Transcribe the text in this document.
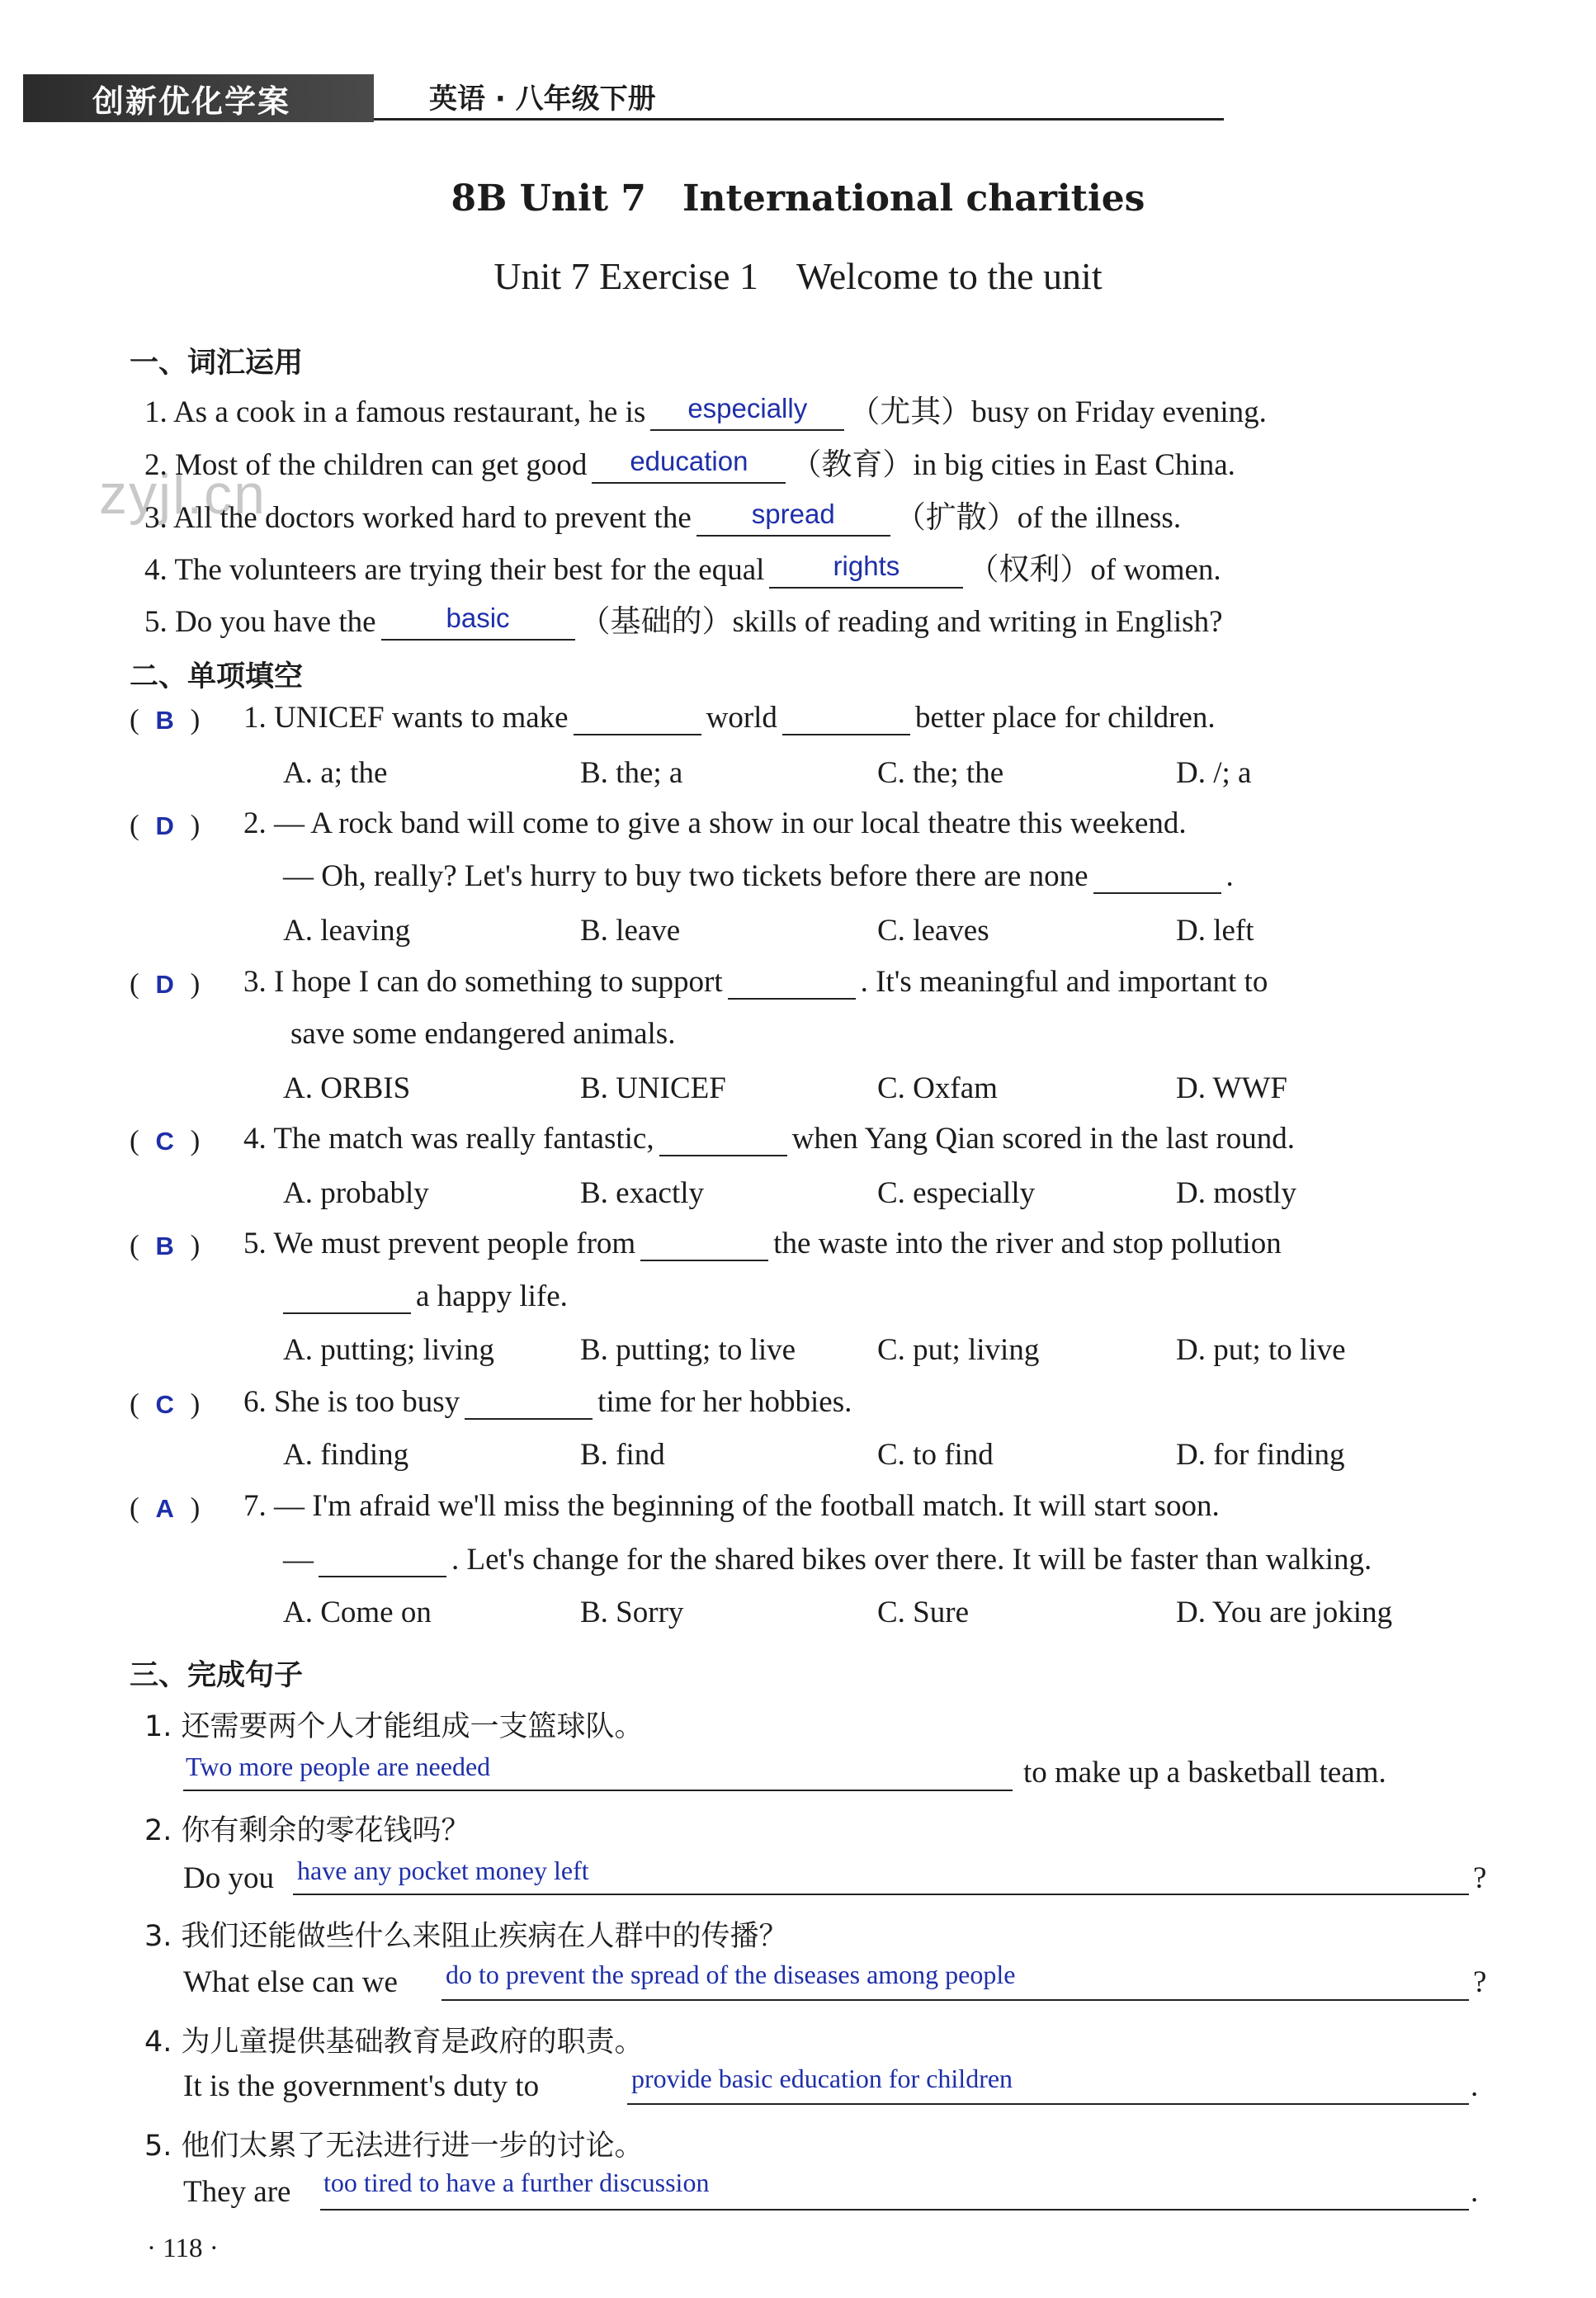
创新优化学案	英语 · 八年级下册
8B Unit 7　International charities
Unit 7 Exercise 1　Welcome to the unit
zyjl.cn
一、词汇运用
1. As a cook in a famous restaurant, he is	especially	（尤其）busy on Friday evening.
2. Most of the children can get good	education	（教育）in big cities in East China.
3. All the doctors worked hard to prevent the	spread	（扩散）of the illness.
4. The volunteers are trying their best for the equal	rights	（权利）of women.
5. Do you have the	basic	（基础的）skills of reading and writing in English?
二、单项填空
( B ) 1. UNICEF wants to make	world	better place for children.
A. a; the	B. the; a	C. the; the	D. /; a
( D ) 2. — A rock band will come to give a show in our local theatre this weekend.
— Oh, really? Let's hurry to buy two tickets before there are none	.
A. leaving	B. leave	C. leaves	D. left
( D ) 3. I hope I can do something to support	. It's meaningful and important to
save some endangered animals.
A. ORBIS	B. UNICEF	C. Oxfam	D. WWF
( C ) 4. The match was really fantastic,	when Yang Qian scored in the last round.
A. probably	B. exactly	C. especially	D. mostly
( B ) 5. We must prevent people from	the waste into the river and stop pollution
a happy life.
A. putting; living	B. putting; to live	C. put; living	D. put; to live
( C ) 6. She is too busy	time for her hobbies.
A. finding	B. find	C. to find	D. for finding
( A ) 7. — I'm afraid we'll miss the beginning of the football match. It will start soon.
—	. Let's change for the shared bikes over there. It will be faster than walking.
A. Come on	B. Sorry	C. Sure	D. You are joking
三、完成句子
1. 还需要两个人才能组成一支篮球队。
Two more people are needed	to make up a basketball team.
2. 你有剩余的零花钱吗？
Do you have any pocket money left	?
3. 我们还能做些什么来阻止疾病在人群中的传播？
What else can we do to prevent the spread of the diseases among people	?
4. 为儿童提供基础教育是政府的职责。
It is the government's duty to	provide basic education for children	.
5. 他们太累了无法进行进一步的讨论。
They are too tired to have a further discussion	.
· 118 ·
